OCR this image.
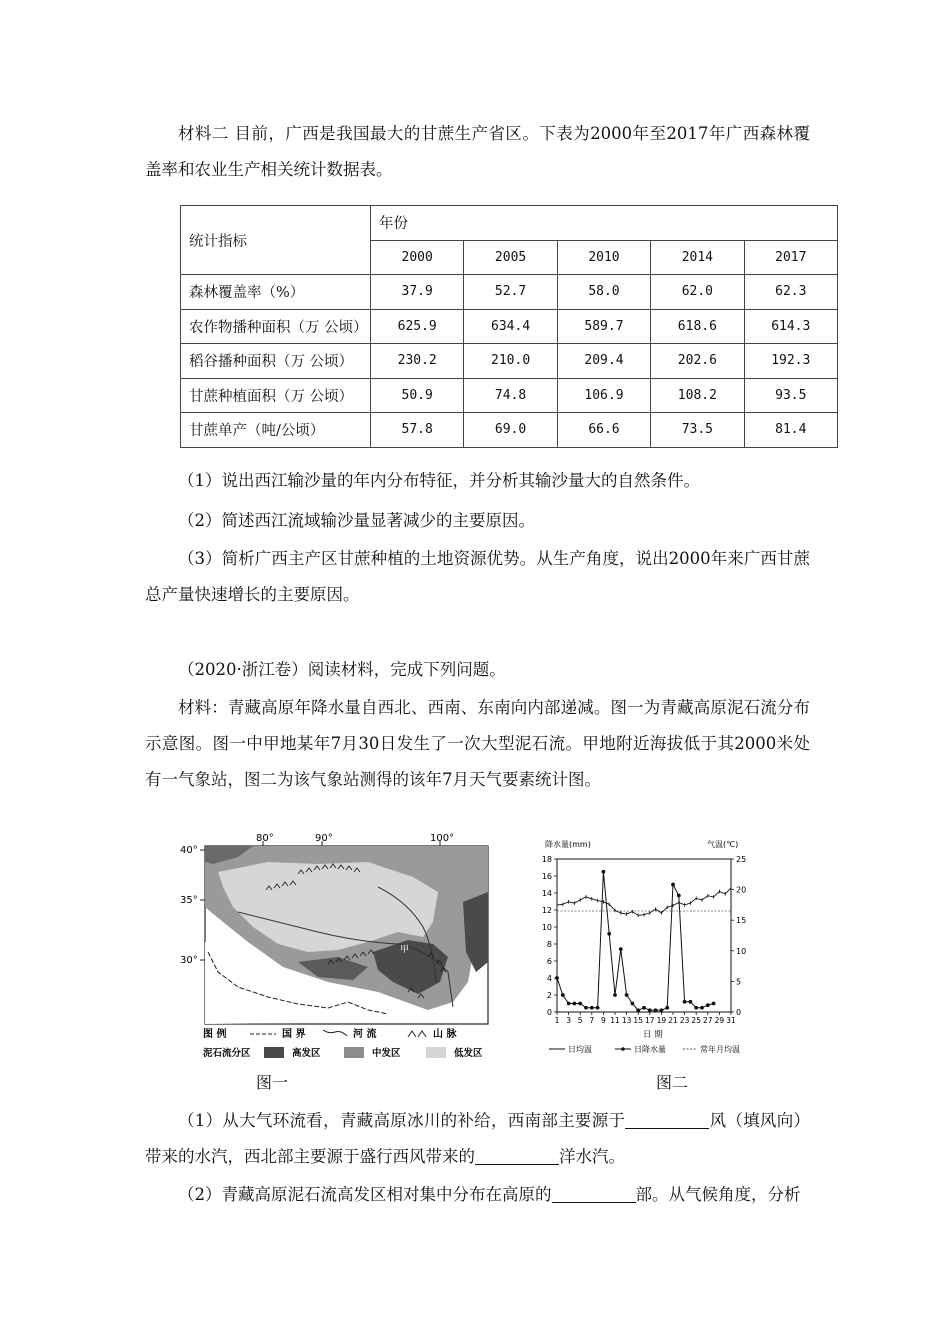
材料二 目前，广西是我国最大的甘蔗生产省区。下表为2000年至2017年广西森林覆盖率和农业生产相关统计数据表。
统计指标	年份				
	2000	2005	2010	2014	2017
森林覆盖率（%）	37.9	52.7	58.0	62.0	62.3
农作物播种面积（万 公顷）	625.9	634.4	589.7	618.6	614.3
稻谷播种面积（万 公顷）	230.2	210.0	209.4	202.6	192.3
甘蔗种植面积（万 公顷）	50.9	74.8	106.9	108.2	93.5
甘蔗单产（吨/公顷）	57.8	69.0	66.6	73.5	81.4
（1）说出西江输沙量的年内分布特征，并分析其输沙量大的自然条件。
（2）简述西江流域输沙量显著减少的主要原因。
（3）简析广西主产区甘蔗种植的土地资源优势。从生产角度，说出2000年来广西甘蔗总产量快速增长的主要原因。
（2020·浙江卷）阅读材料，完成下列问题。
材料：青藏高原年降水量自西北、西南、东南向内部递减。图一为青藏高原泥石流分布示意图。图一中甲地某年7月30日发生了一次大型泥石流。甲地附近海拔低于其2000米处有一气象站，图二为该气象站测得的该年7月天气要素统计图。
80°	90°	100°
40°
35°
30°
甲
图 例	国 界	河 流	山 脉
泥石流分区	高发区	中发区	低发区
图一
降水量(mm)	气温(℃)
日 期
日均温	日降水量	常年月均温
0
2
4
6
8
10
12
14
16
18
0
5
10
15
20
25
1 3 5 7 9 11 13 15 17 19 21 23 25 27 29 31
图二
（1）从大气环流看，青藏高原冰川的补给，西南部主要源于	风（填风向）带来的水汽，西北部主要源于盛行西风带来的	洋水汽。
（2）青藏高原泥石流高发区相对集中分布在高原的	部。从气候角度，分析
